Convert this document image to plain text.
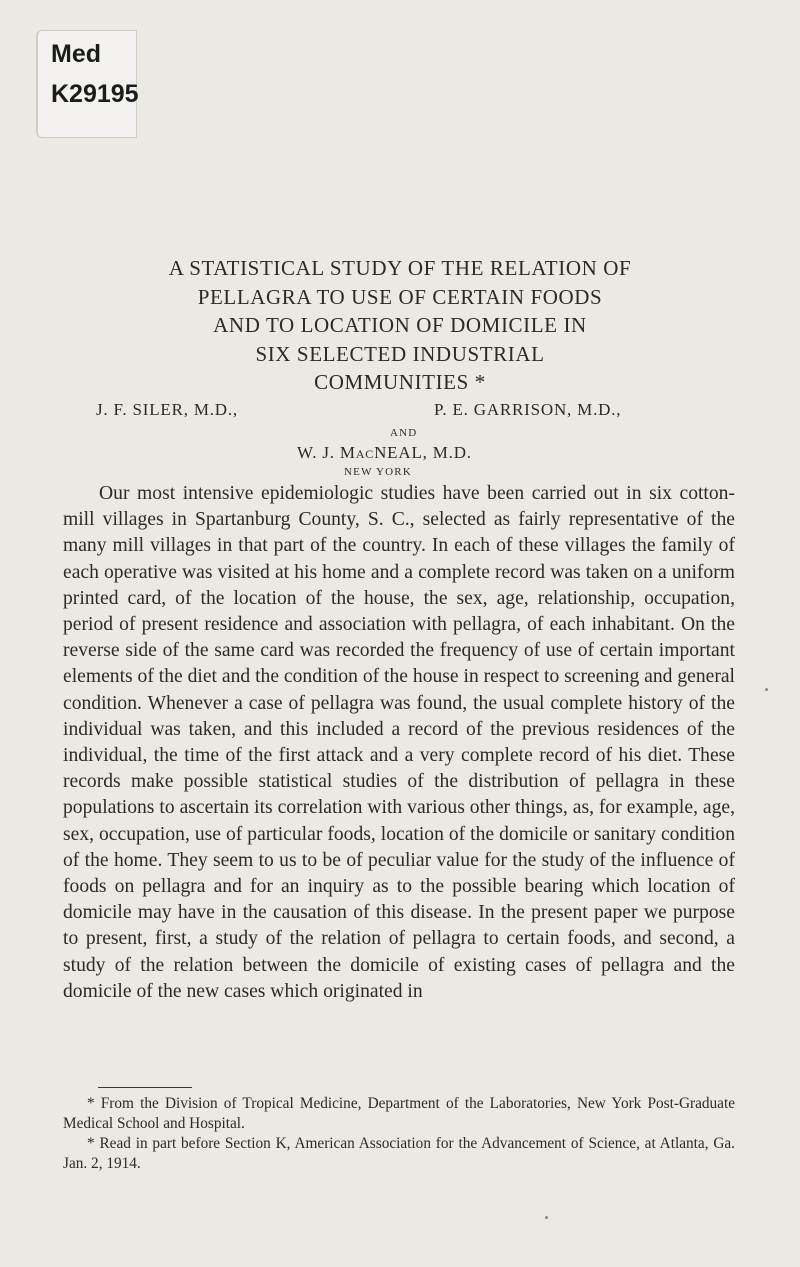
Med
K29195
A STATISTICAL STUDY OF THE RELATION OF
PELLAGRA TO USE OF CERTAIN FOODS
AND TO LOCATION OF DOMICILE IN
SIX SELECTED INDUSTRIAL
COMMUNITIES *
J. F. SILER, M.D.,	P. E. GARRISON, M.D.,
AND
W. J. MacNEAL, M.D.
NEW YORK

Our most intensive epidemiologic studies have been carried out in six cotton-mill villages in Spartanburg County, S. C., selected as fairly representative of the many mill villages in that part of the country. In each of these villages the family of each operative was visited at his home and a complete record was taken on a uniform printed card, of the location of the house, the sex, age, relationship, occupation, period of present residence and association with pellagra, of each inhabitant. On the reverse side of the same card was recorded the frequency of use of certain important elements of the diet and the condition of the house in respect to screening and general condition. Whenever a case of pellagra was found, the usual complete history of the individual was taken, and this included a record of the previous residences of the individual, the time of the first attack and a very complete record of his diet. These records make possible statistical studies of the distribution of pellagra in these populations to ascertain its correlation with various other things, as, for example, age, sex, occupation, use of particular foods, location of the domicile or sanitary condition of the home. They seem to us to be of peculiar value for the study of the influence of foods on pellagra and for an inquiry as to the possible bearing which location of domicile may have in the causation of this disease. In the present paper we purpose to present, first, a study of the relation of pellagra to certain foods, and second, a study of the relation between the domicile of existing cases of pellagra and the domicile of the new cases which originated in

* From the Division of Tropical Medicine, Department of the Laboratories, New York Post-Graduate Medical School and Hospital.

* Read in part before Section K, American Association for the Advancement of Science, at Atlanta, Ga. Jan. 2, 1914.
